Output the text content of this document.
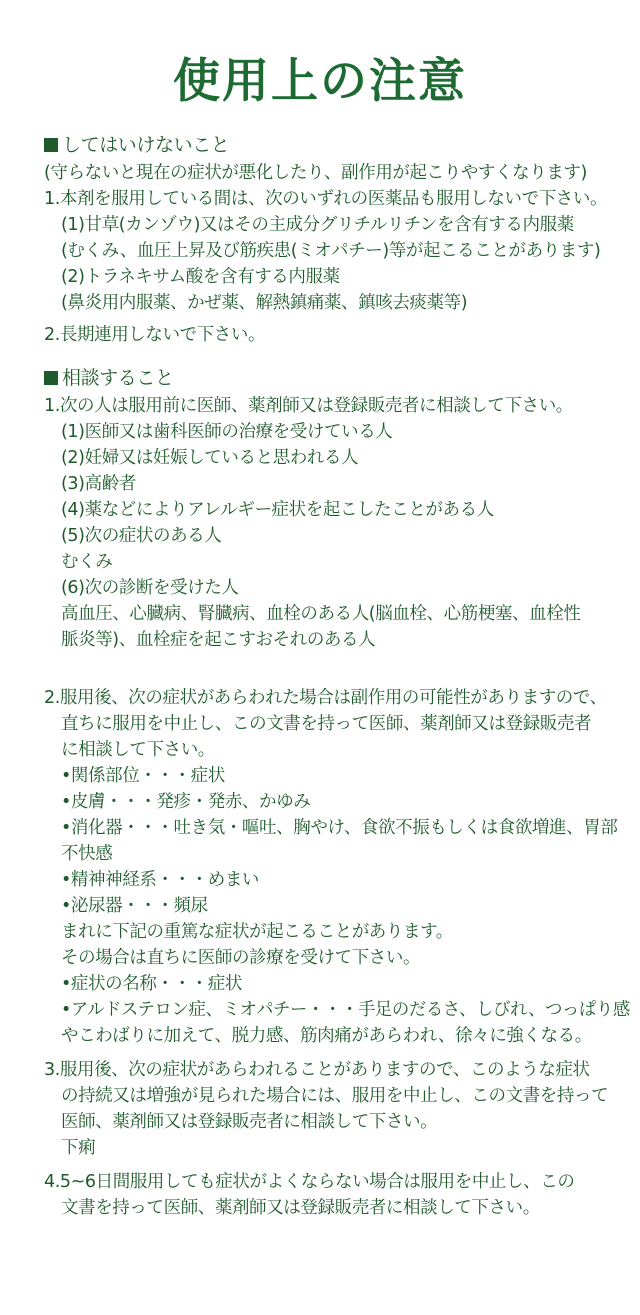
使用上の注意
してはいけないこと
(守らないと現在の症状が悪化したり、副作用が起こりやすくなります)
1.本剤を服用している間は、次のいずれの医薬品も服用しないで下さい。
(1)甘草(カンゾウ)又はその主成分グリチルリチンを含有する内服薬
(むくみ、血圧上昇及び筋疾患(ミオパチー)等が起こることがあります)
(2)トラネキサム酸を含有する内服薬
(鼻炎用内服薬、かぜ薬、解熱鎮痛薬、鎮咳去痰薬等)
2.長期連用しないで下さい。
相談すること
1.次の人は服用前に医師、薬剤師又は登録販売者に相談して下さい。
(1)医師又は歯科医師の治療を受けている人
(2)妊婦又は妊娠していると思われる人
(3)高齢者
(4)薬などによりアレルギー症状を起こしたことがある人
(5)次の症状のある人
むくみ
(6)次の診断を受けた人
高血圧、心臓病、腎臓病、血栓のある人(脳血栓、心筋梗塞、血栓性
脈炎等)、血栓症を起こすおそれのある人
2.服用後、次の症状があらわれた場合は副作用の可能性がありますので、
直ちに服用を中止し、この文書を持って医師、薬剤師又は登録販売者
に相談して下さい。
•関係部位・・・症状
•皮膚・・・発疹・発赤、かゆみ
•消化器・・・吐き気・嘔吐、胸やけ、食欲不振もしくは食欲増進、胃部
不快感
•精神神経系・・・めまい
•泌尿器・・・頻尿
まれに下記の重篤な症状が起こることがあります。
その場合は直ちに医師の診療を受けて下さい。
•症状の名称・・・症状
•アルドステロン症、ミオパチー・・・手足のだるさ、しびれ、つっぱり感
やこわばりに加えて、脱力感、筋肉痛があらわれ、徐々に強くなる。
3.服用後、次の症状があらわれることがありますので、このような症状
の持続又は増強が見られた場合には、服用を中止し、この文書を持って
医師、薬剤師又は登録販売者に相談して下さい。
下痢
4.5~6日間服用しても症状がよくならない場合は服用を中止し、この
文書を持って医師、薬剤師又は登録販売者に相談して下さい。
